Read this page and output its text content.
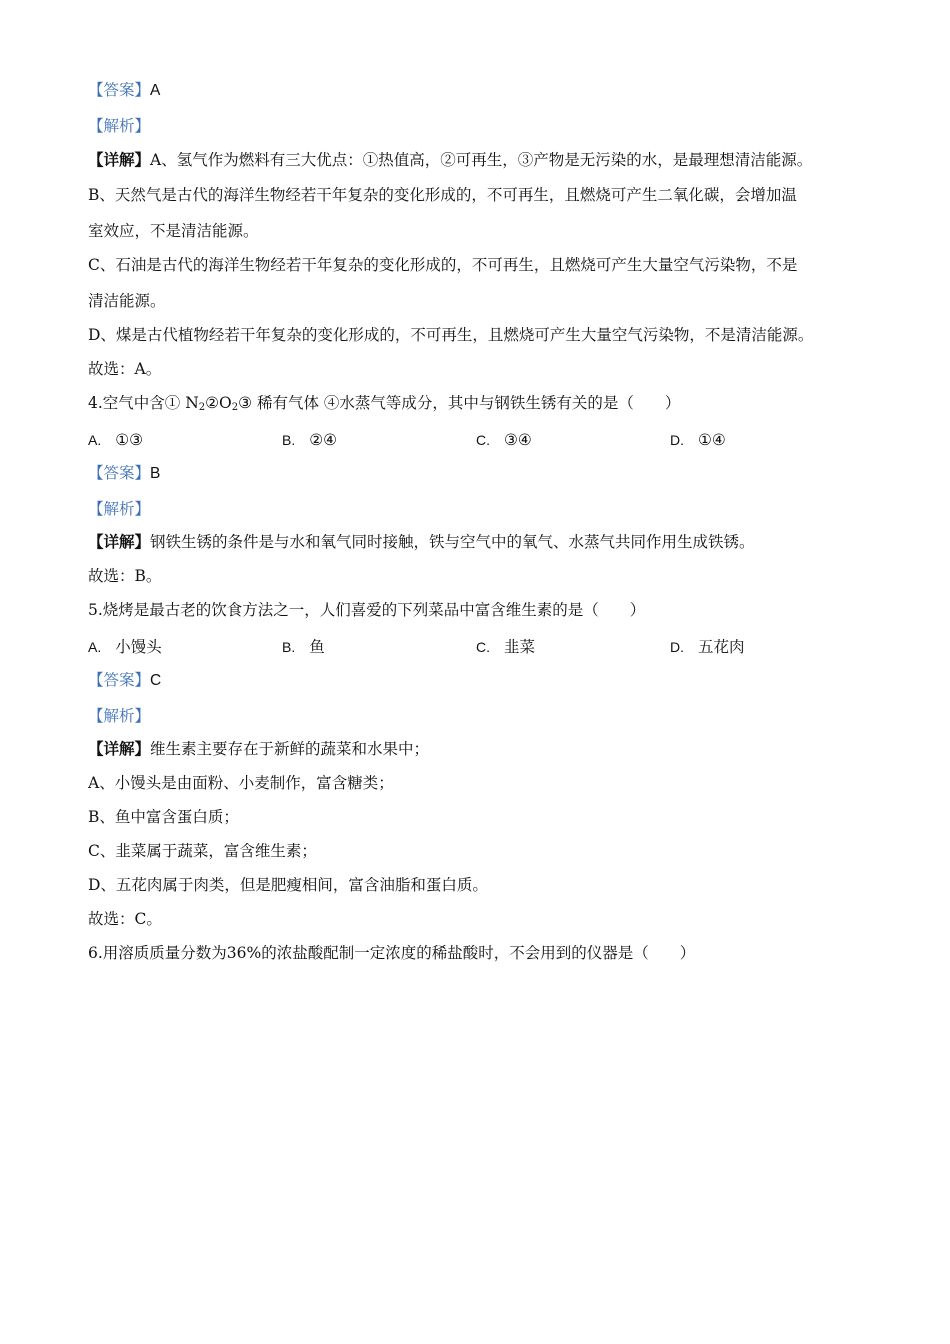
【答案】A
【解析】
【详解】A、氢气作为燃料有三大优点：①热值高，②可再生，③产物是无污染的水，是最理想清洁能源。
B、天然气是古代的海洋生物经若干年复杂的变化形成的，不可再生，且燃烧可产生二氧化碳，会增加温
室效应，不是清洁能源。
C、石油是古代的海洋生物经若干年复杂的变化形成的，不可再生，且燃烧可产生大量空气污染物，不是
清洁能源。
D、煤是古代植物经若干年复杂的变化形成的，不可再生，且燃烧可产生大量空气污染物，不是清洁能源。
故选：A。
4.空气中含① $N_2②O_2③$ 稀有气体 ④水蒸气等成分，其中与钢铁生锈有关的是（　　）
A. ①③	B. ②④	C. ③④	D. ①④
【答案】B
【解析】
【详解】钢铁生锈的条件是与水和氧气同时接触，铁与空气中的氧气、水蒸气共同作用生成铁锈。
故选：B。
5.烧烤是最古老的饮食方法之一，人们喜爱的下列菜品中富含维生素的是（　　）
A. 小馒头	B. 鱼	C. 韭菜	D. 五花肉
【答案】C
【解析】
【详解】维生素主要存在于新鲜的蔬菜和水果中；
A、小馒头是由面粉、小麦制作，富含糖类；
B、鱼中富含蛋白质；
C、韭菜属于蔬菜，富含维生素；
D、五花肉属于肉类，但是肥瘦相间，富含油脂和蛋白质。
故选：C。
6.用溶质质量分数为36%的浓盐酸配制一定浓度的稀盐酸时，不会用到的仪器是（　　）
